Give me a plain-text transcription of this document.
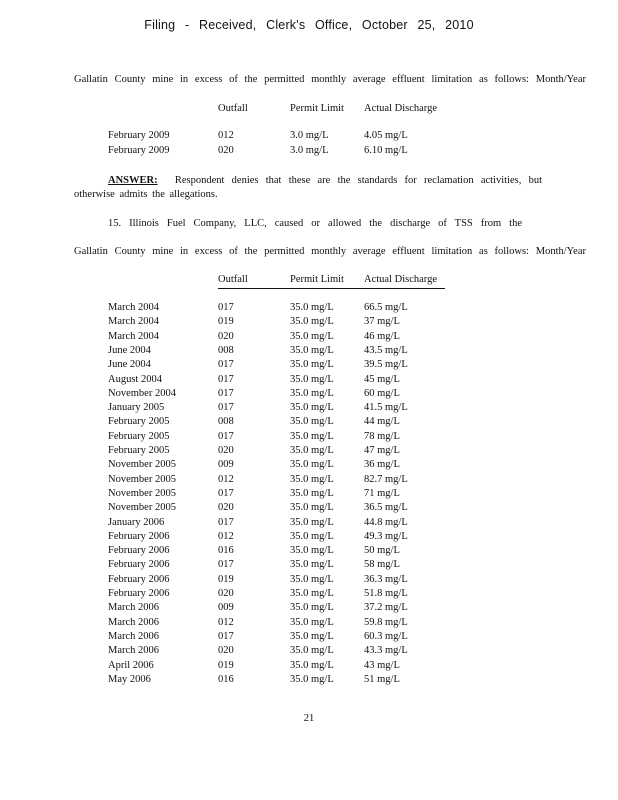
Filing - Received, Clerk's Office, October 25, 2010
Gallatin County mine in excess of the permitted monthly average effluent limitation as follows: Month/Year
Outfall	Permit Limit Actual Discharge
February 2009	012	3.0 mg/L	4.05 mg/L
February 2009	020	3.0 mg/L	6.10 mg/L
ANSWER: Respondent denies that these are the standards for reclamation activities, but
otherwise admits the allegations.
15. Illinois Fuel Company, LLC, caused or allowed the discharge of TSS from the
Gallatin County mine in excess of the permitted monthly average effluent limitation as follows: Month/Year
Outfall	Permit Limit Actual Discharge
March 2004	017	35.0 mg/L	66.5 mg/L
March 2004	019	35.0 mg/L	37 mg/L
March 2004	020	35.0 mg/L	46 mg/L
June 2004	008	35.0 mg/L	43.5 mg/L
June 2004	017	35.0 mg/L	39.5 mg/L
August 2004	017	35.0 mg/L	45 mg/L
November 2004	017	35.0 mg/L	60 mg/L
January 2005	017	35.0 mg/L	41.5 mg/L
February 2005	008	35.0 mg/L	44 mg/L
February 2005	017	35.0 mg/L	78 mg/L
February 2005	020	35.0 mg/L	47 mg/L
November 2005	009	35.0 mg/L	36 mg/L
November 2005	012	35.0 mg/L	82.7 mg/L
November 2005	017	35.0 mg/L	71 mg/L
November 2005	020	35.0 mg/L	36.5 mg/L
January 2006	017	35.0 mg/L	44.8 mg/L
February 2006	012	35.0 mg/L	49.3 mg/L
February 2006	016	35.0 mg/L	50 mg/L
February 2006	017	35.0 mg/L	58 mg/L
February 2006	019	35.0 mg/L	36.3 mg/L
February 2006	020	35.0 mg/L	51.8 mg/L
March 2006	009	35.0 mg/L	37.2 mg/L
March 2006	012	35.0 mg/L	59.8 mg/L
March 2006	017	35.0 mg/L	60.3 mg/L
March 2006	020	35.0 mg/L	43.3 mg/L
April 2006	019	35.0 mg/L	43 mg/L
May 2006	016	35.0 mg/L	51 mg/L
21
